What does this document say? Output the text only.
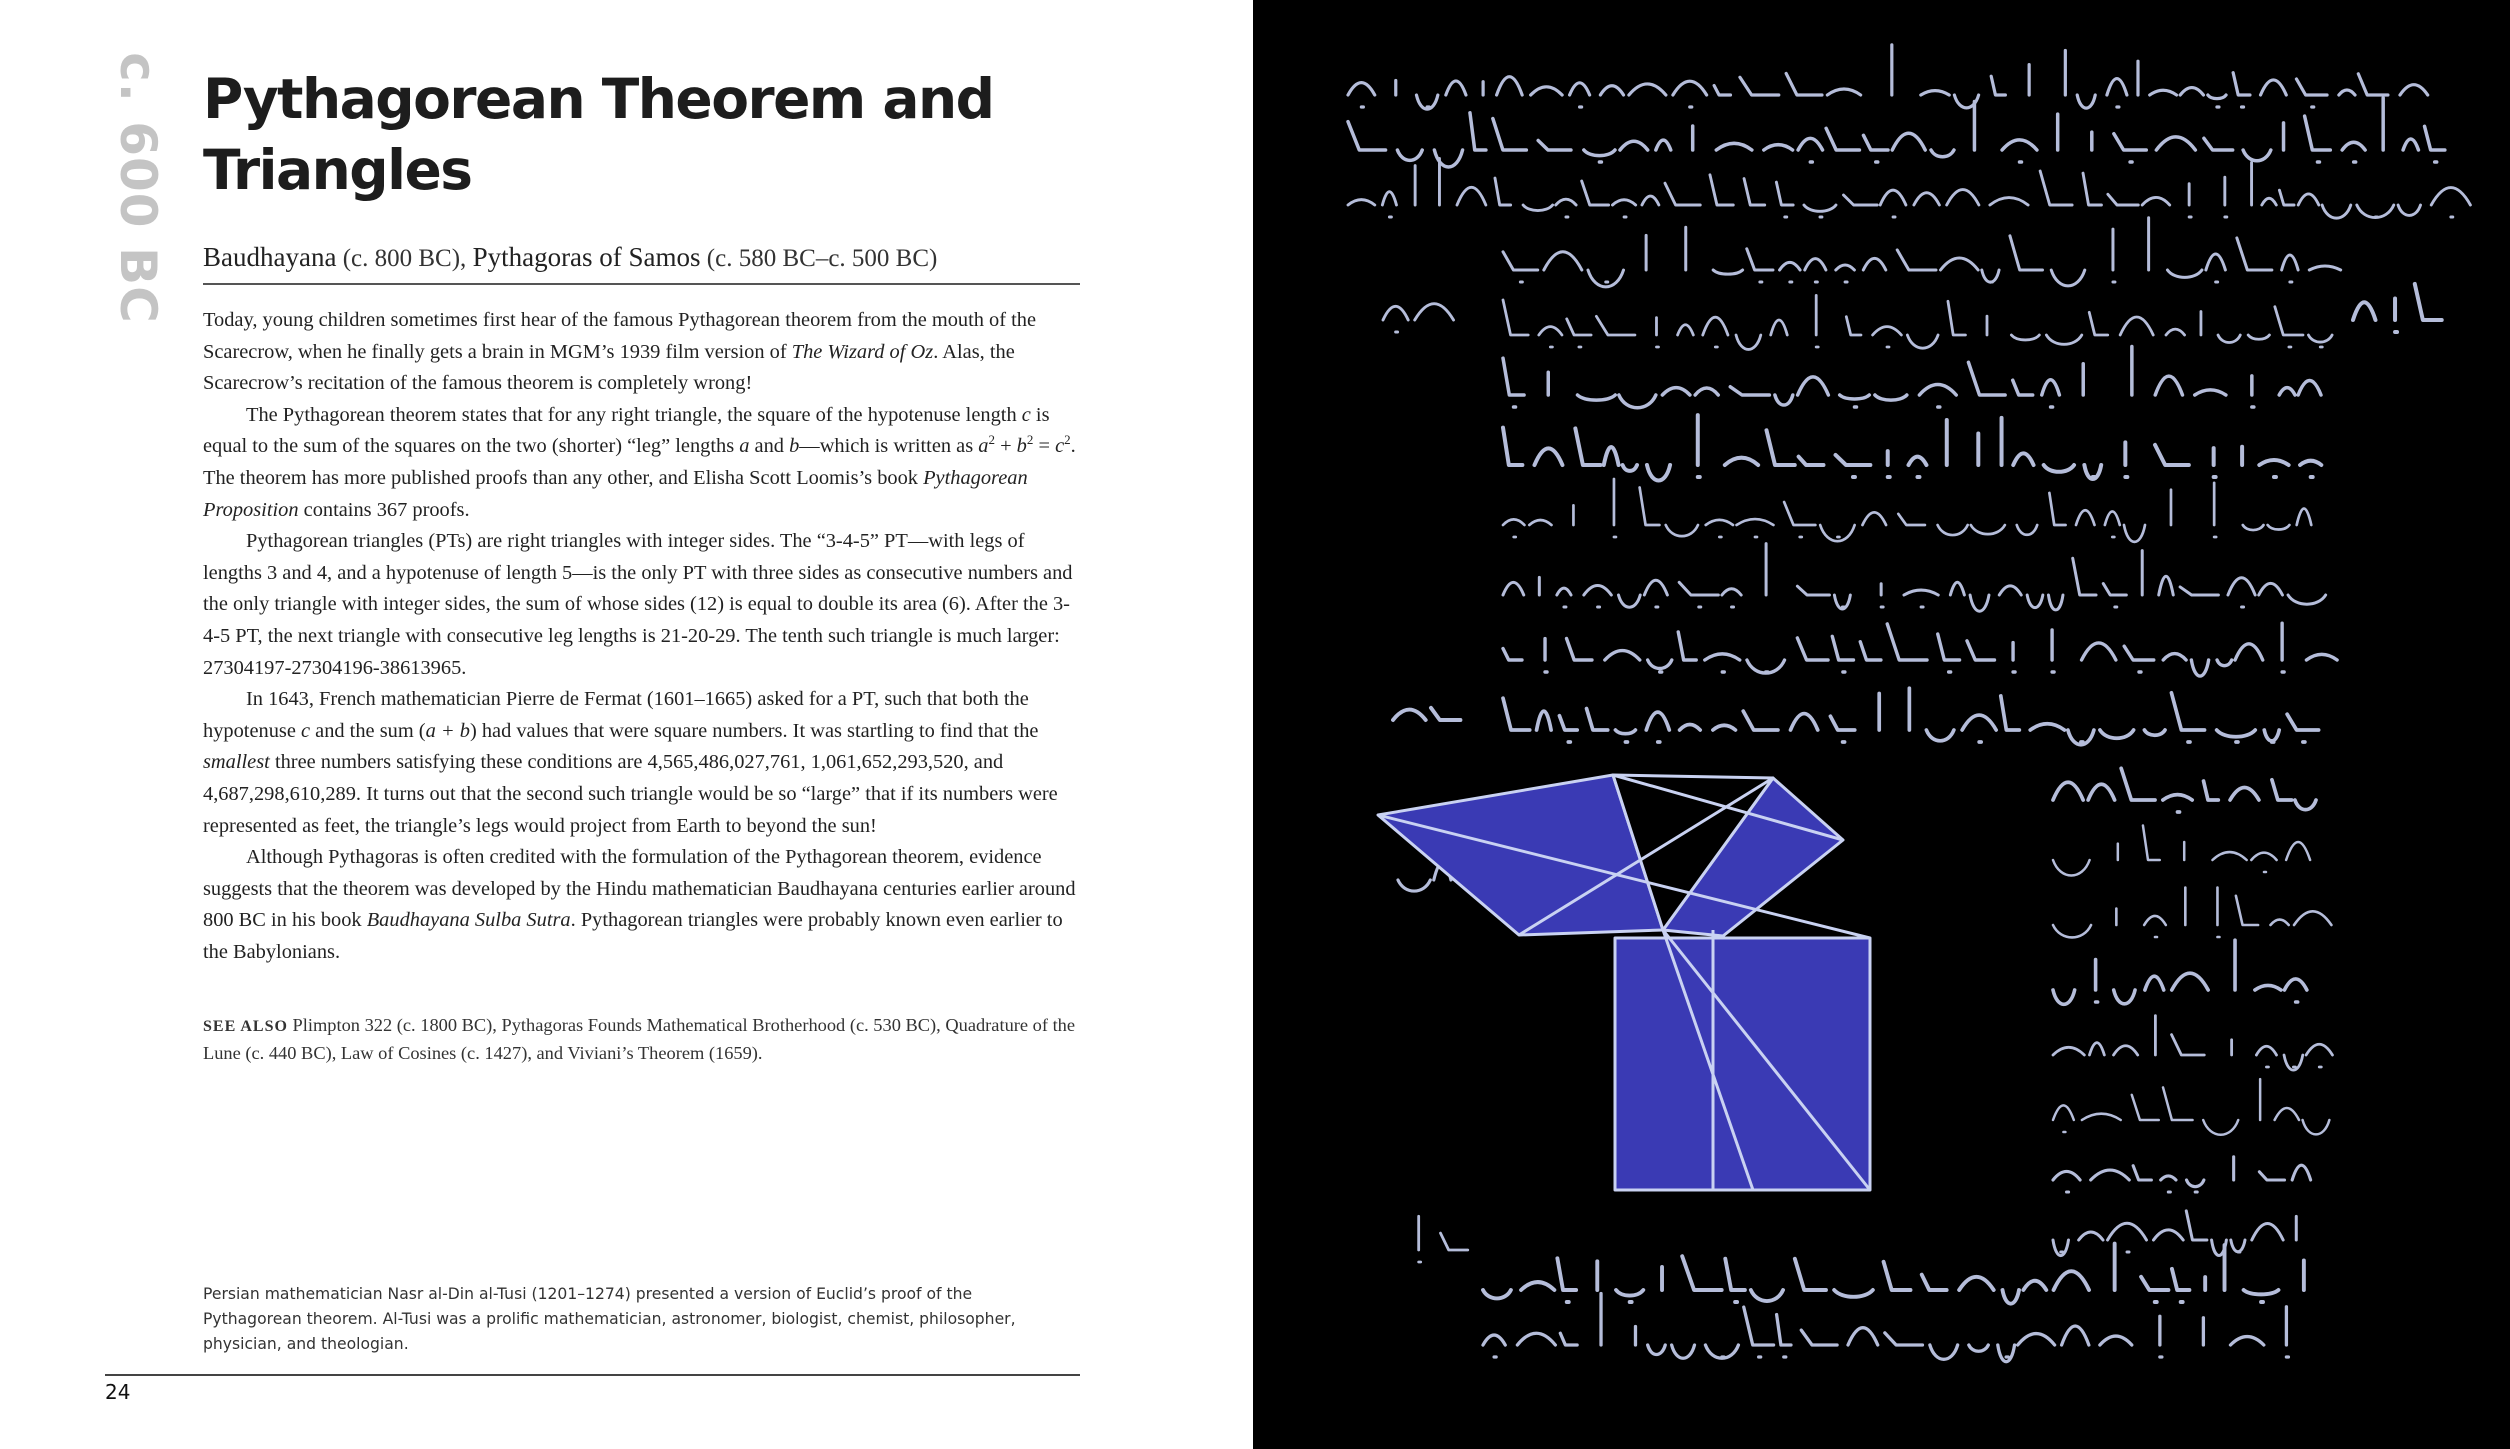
c. 600 BC Pythagorean Theorem and Triangles
Baudhayana (c. 800 BC), Pythagoras of Samos (c. 580 BC–c. 500 BC)

Today, young children sometimes first hear of the famous Pythagorean theorem from the mouth of the Scarecrow, when he finally gets a brain in MGM’s 1939 film version of The Wizard of Oz. Alas, the Scarecrow’s recitation of the famous theorem is completely wrong!

The Pythagorean theorem states that for any right triangle, the square of the hypotenuse length c is equal to the sum of the squares on the two (shorter) “leg” lengths a and b—which is written as $a^2 + b^2 = c^2$. The theorem has more published proofs than any other, and Elisha Scott Loomis’s book Pythagorean Proposition contains 367 proofs.

Pythagorean triangles (PTs) are right triangles with integer sides. The “3-4-5” PT—with legs of lengths 3 and 4, and a hypotenuse of length 5—is the only PT with three sides as consecutive numbers and the only triangle with integer sides, the sum of whose sides (12) is equal to double its area (6). After the 3-4-5 PT, the next triangle with consecutive leg lengths is 21-20-29. The tenth such triangle is much larger: 27304197-27304196-38613965.

In 1643, French mathematician Pierre de Fermat (1601–1665) asked for a PT, such that both the hypotenuse c and the sum (a + b) had values that were square numbers. It was startling to find that the smallest three numbers satisfying these conditions are 4,565,486,027,761, 1,061,652,293,520, and 4,687,298,610,289. It turns out that the second such triangle would be so “large” that if its numbers were represented as feet, the triangle’s legs would project from Earth to beyond the sun!

Although Pythagoras is often credited with the formulation of the Pythagorean theorem, evidence suggests that the theorem was developed by the Hindu mathematician Baudhayana centuries earlier around 800 BC in his book Baudhayana Sulba Sutra. Pythagorean triangles were probably known even earlier to the Babylonians.

SEE ALSO Plimpton 322 (c. 1800 BC), Pythagoras Founds Mathematical Brotherhood (c. 530 BC), Quadrature of the Lune (c. 440 BC), Law of Cosines (c. 1427), and Viviani’s Theorem (1659).

Persian mathematician Nasr al-Din al-Tusi (1201–1274) presented a version of Euclid’s proof of the Pythagorean theorem. Al-Tusi was a prolific mathematician, astronomer, biologist, chemist, philosopher, physician, and theologian.

24
